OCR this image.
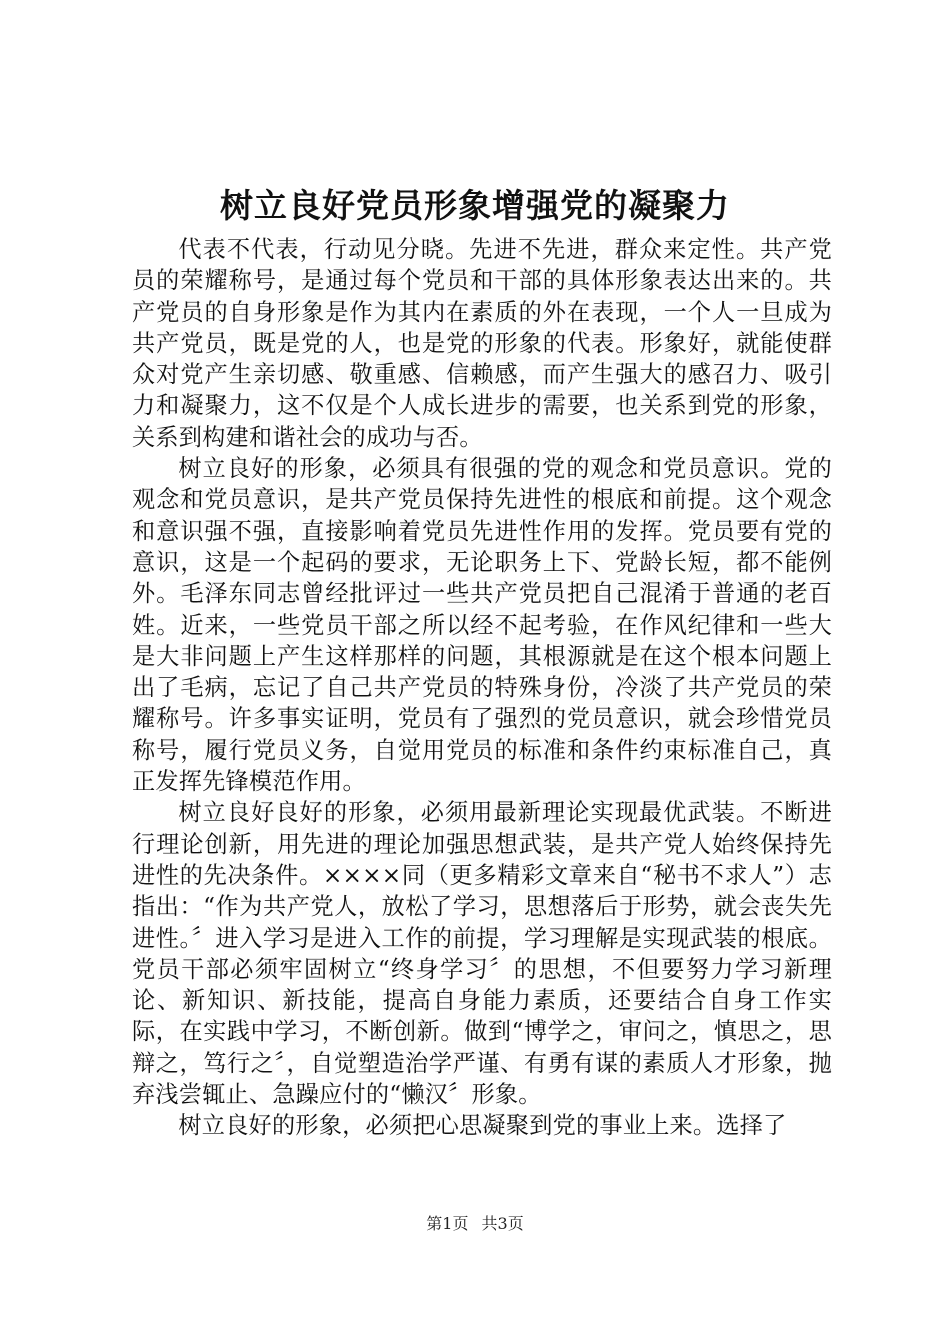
树立良好党员形象增强党的凝聚力

代表不代表，行动见分晓。先进不先进，群众来定性。共产党员的荣耀称号，是通过每个党员和干部的具体形象表达出来的。共产党员的自身形象是作为其内在素质的外在表现，一个人一旦成为共产党员，既是党的人，也是党的形象的代表。形象好，就能使群众对党产生亲切感、敬重感、信赖感，而产生强大的感召力、吸引力和凝聚力，这不仅是个人成长进步的需要，也关系到党的形象，关系到构建和谐社会的成功与否。

树立良好的形象，必须具有很强的党的观念和党员意识。党的观念和党员意识，是共产党员保持先进性的根底和前提。这个观念和意识强不强，直接影响着党员先进性作用的发挥。党员要有党的意识，这是一个起码的要求，无论职务上下、党龄长短，都不能例外。毛泽东同志曾经批评过一些共产党员把自己混淆于普通的老百姓。近来，一些党员干部之所以经不起考验，在作风纪律和一些大是大非问题上产生这样那样的问题，其根源就是在这个根本问题上出了毛病，忘记了自己共产党员的特殊身份，冷淡了共产党员的荣耀称号。许多事实证明，党员有了强烈的党员意识，就会珍惜党员称号，履行党员义务，自觉用党员的标准和条件约束标准自己，真正发挥先锋模范作用。

树立良好良好的形象，必须用最新理论实现最优武装。不断进行理论创新，用先进的理论加强思想武装，是共产党人始终保持先进性的先决条件。××××同（更多精彩文章来自“秘书不求人”）志指出：“作为共产党人，放松了学习，思想落后于形势，就会丧失先进性。〞进入学习是进入工作的前提，学习理解是实现武装的根底。党员干部必须牢固树立“终身学习〞的思想，不但要努力学习新理论、新知识、新技能，提高自身能力素质，还要结合自身工作实际，在实践中学习，不断创新。做到“博学之，审问之，慎思之，思辩之，笃行之〞，自觉塑造治学严谨、有勇有谋的素质人才形象，抛弃浅尝辄止、急躁应付的“懒汉〞形象。

树立良好的形象，必须把心思凝聚到党的事业上来。选择了

第1页 共3页
